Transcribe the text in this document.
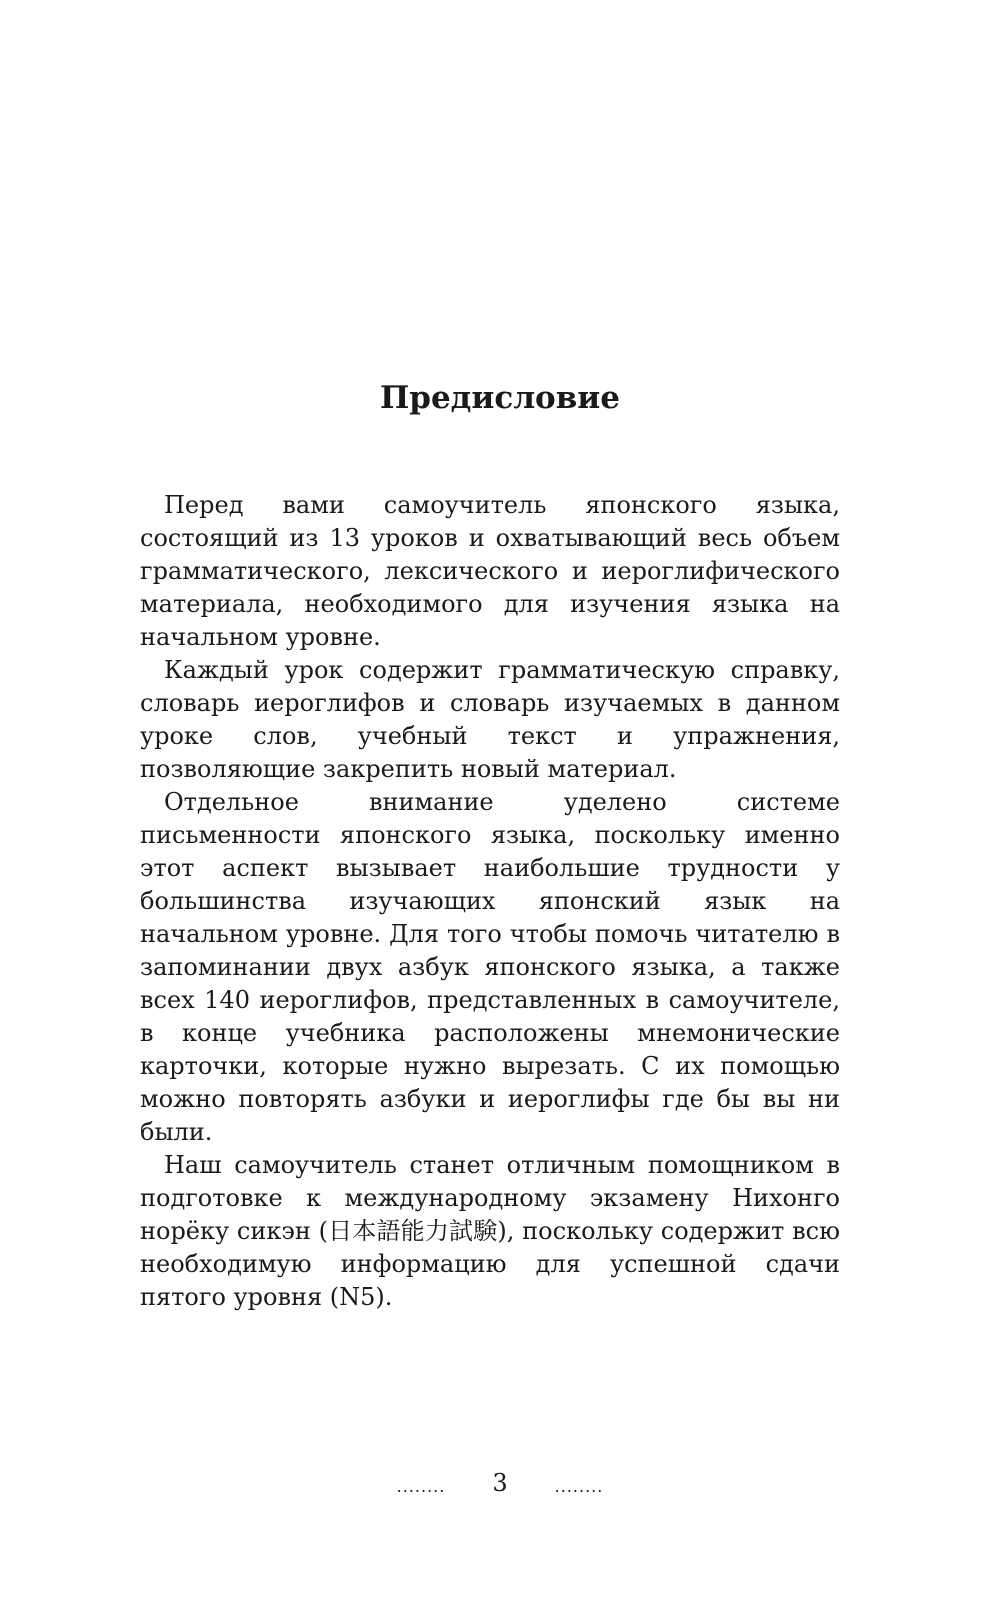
Предисловие

Перед вами самоучитель японского языка, состоящий из 13 уроков и охватывающий весь объем грамматического, лексического и иероглифического материала, необходимого для изучения языка на начальном уровне.

Каждый урок содержит грамматическую справку, словарь иероглифов и словарь изучаемых в данном уроке слов, учебный текст и упражнения, позволяющие закрепить новый материал.

Отдельное внимание уделено системе письменности японского языка, поскольку именно этот аспект вызывает наибольшие трудности у большинства изучающих японский язык на начальном уровне. Для того чтобы помочь читателю в запоминании двух азбук японского языка, а также всех 140 иероглифов, представленных в самоучителе, в конце учебника расположены мнемонические карточки, которые нужно вырезать. С их помощью можно повторять азбуки и иероглифы где бы вы ни были.

Наш самоучитель станет отличным помощником в подготовке к международному экзамену Нихонго норёку сикэн (日本語能力試験), поскольку содержит всю необходимую информацию для успешной сдачи пятого уровня (N5).

........	3	........
